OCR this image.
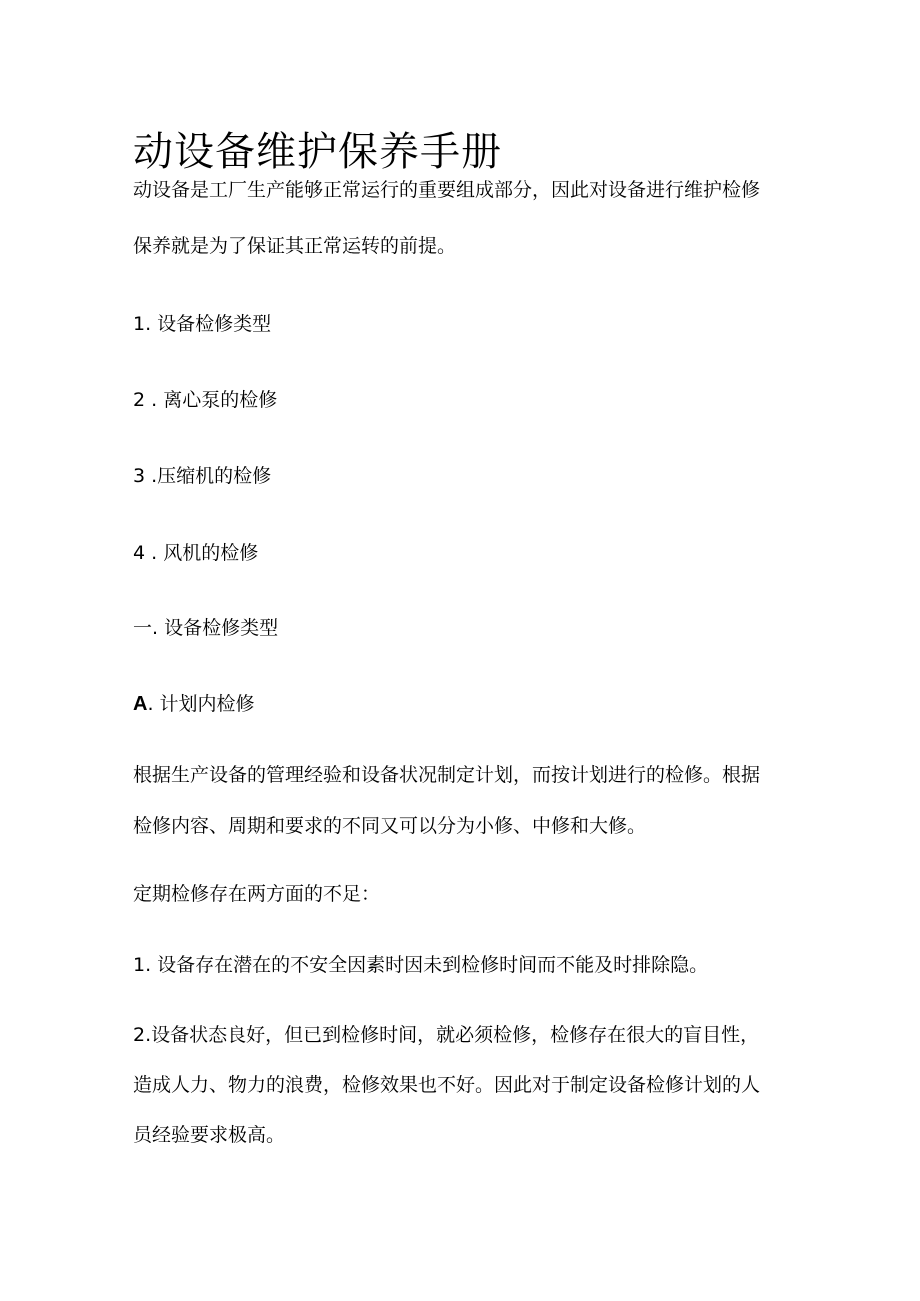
动设备维护保养手册
动设备是工厂生产能够正常运行的重要组成部分，因此对设备进行维护检修
保养就是为了保证其正常运转的前提。

1. 设备检修类型

2 . 离心泵的检修

3 .压缩机的检修

4 . 风机的检修

一. 设备检修类型

A. 计划内检修

根据生产设备的管理经验和设备状况制定计划，而按计划进行的检修。根据
检修内容、周期和要求的不同又可以分为小修、中修和大修。

定期检修存在两方面的不足：

1. 设备存在潜在的不安全因素时因未到检修时间而不能及时排除隐。

2.设备状态良好，但已到检修时间，就必须检修，检修存在很大的盲目性，
造成人力、物力的浪费，检修效果也不好。因此对于制定设备检修计划的人
员经验要求极高。
